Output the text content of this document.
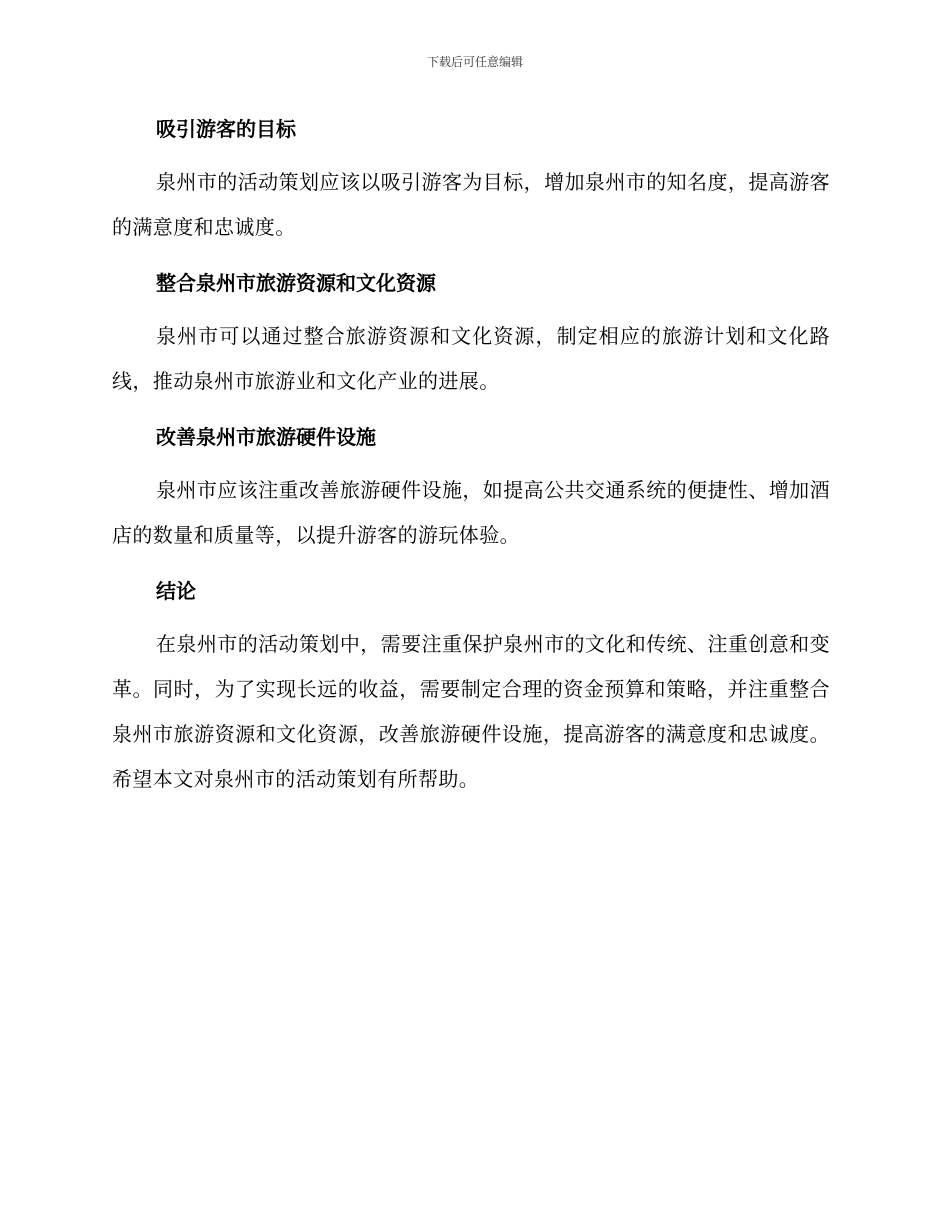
下载后可任意编辑
吸引游客的目标

泉州市的活动策划应该以吸引游客为目标，增加泉州市的知名度，提高游客的满意度和忠诚度。

整合泉州市旅游资源和文化资源

泉州市可以通过整合旅游资源和文化资源，制定相应的旅游计划和文化路线，推动泉州市旅游业和文化产业的进展。

改善泉州市旅游硬件设施

泉州市应该注重改善旅游硬件设施，如提高公共交通系统的便捷性、增加酒店的数量和质量等，以提升游客的游玩体验。

结论

在泉州市的活动策划中，需要注重保护泉州市的文化和传统、注重创意和变革。同时，为了实现长远的收益，需要制定合理的资金预算和策略，并注重整合泉州市旅游资源和文化资源，改善旅游硬件设施，提高游客的满意度和忠诚度。希望本文对泉州市的活动策划有所帮助。
